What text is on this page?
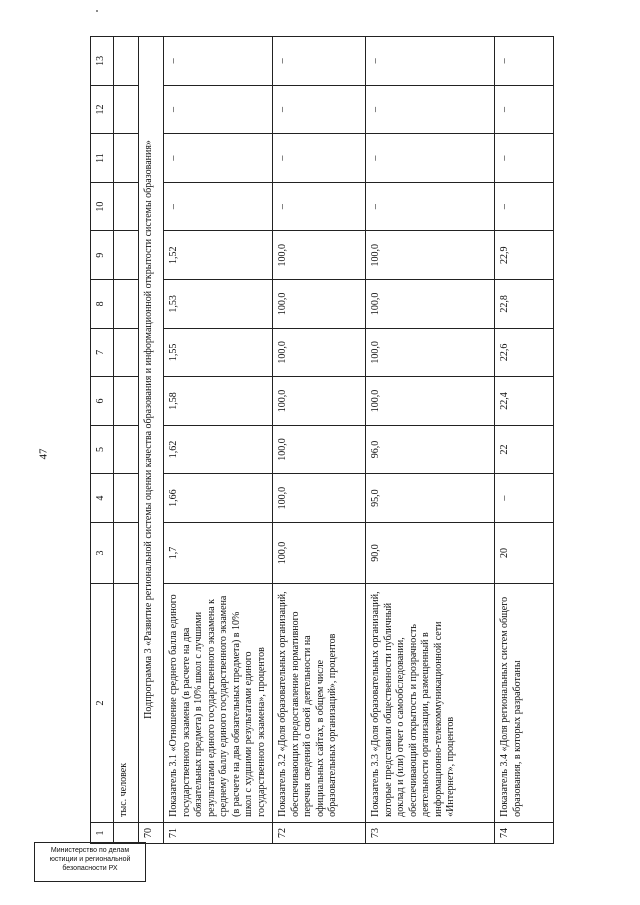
47
1	2	3	4	5	6	7	8	9	10	11	12	13
	тыс. человек											
70	Подпрограмма 3 «Развитие региональной системы оценки качества образования и информационной открытости системы образования»											
71	Показатель 3.1 «Отношение среднего балла единого государственного экзамена (в расчете на два обязательных предмета) в 10% школ с лучшими результатами единого государственного экзамена к среднему баллу единого государственного экзамена (в расчете на два обязательных предмета) в 10% школ с худшими результатами единого государственного экзамена», процентов	1,7	1,66	1,62	1,58	1,55	1,53	1,52	–	–	–	–
72	Показатель 3.2 «Доля образовательных организаций, обеспечивающих предоставление нормативного перечня сведений о своей деятельности на официальных сайтах, в общем числе образовательных организаций», процентов	100,0	100,0	100,0	100,0	100,0	100,0	100,0	–	–	–	–
73	Показатель 3.3 «Доля образовательных организаций, которые представили общественности публичный доклад и (или) отчет о самообследовании, обеспечивающий открытость и прозрачность деятельности организации, размещенный в информационно-телекоммуникационной сети «Интернет», процентов	90,0	95,0	96,0	100,0	100,0	100,0	100,0	–	–	–	–
74	Показатель 3.4 «Доля региональных систем общего образования, в которых разработаны	20	–	22	22,4	22,6	22,8	22,9	–	–	–	–
Министерство по делам
юстиции и региональной
безопасности РХ
